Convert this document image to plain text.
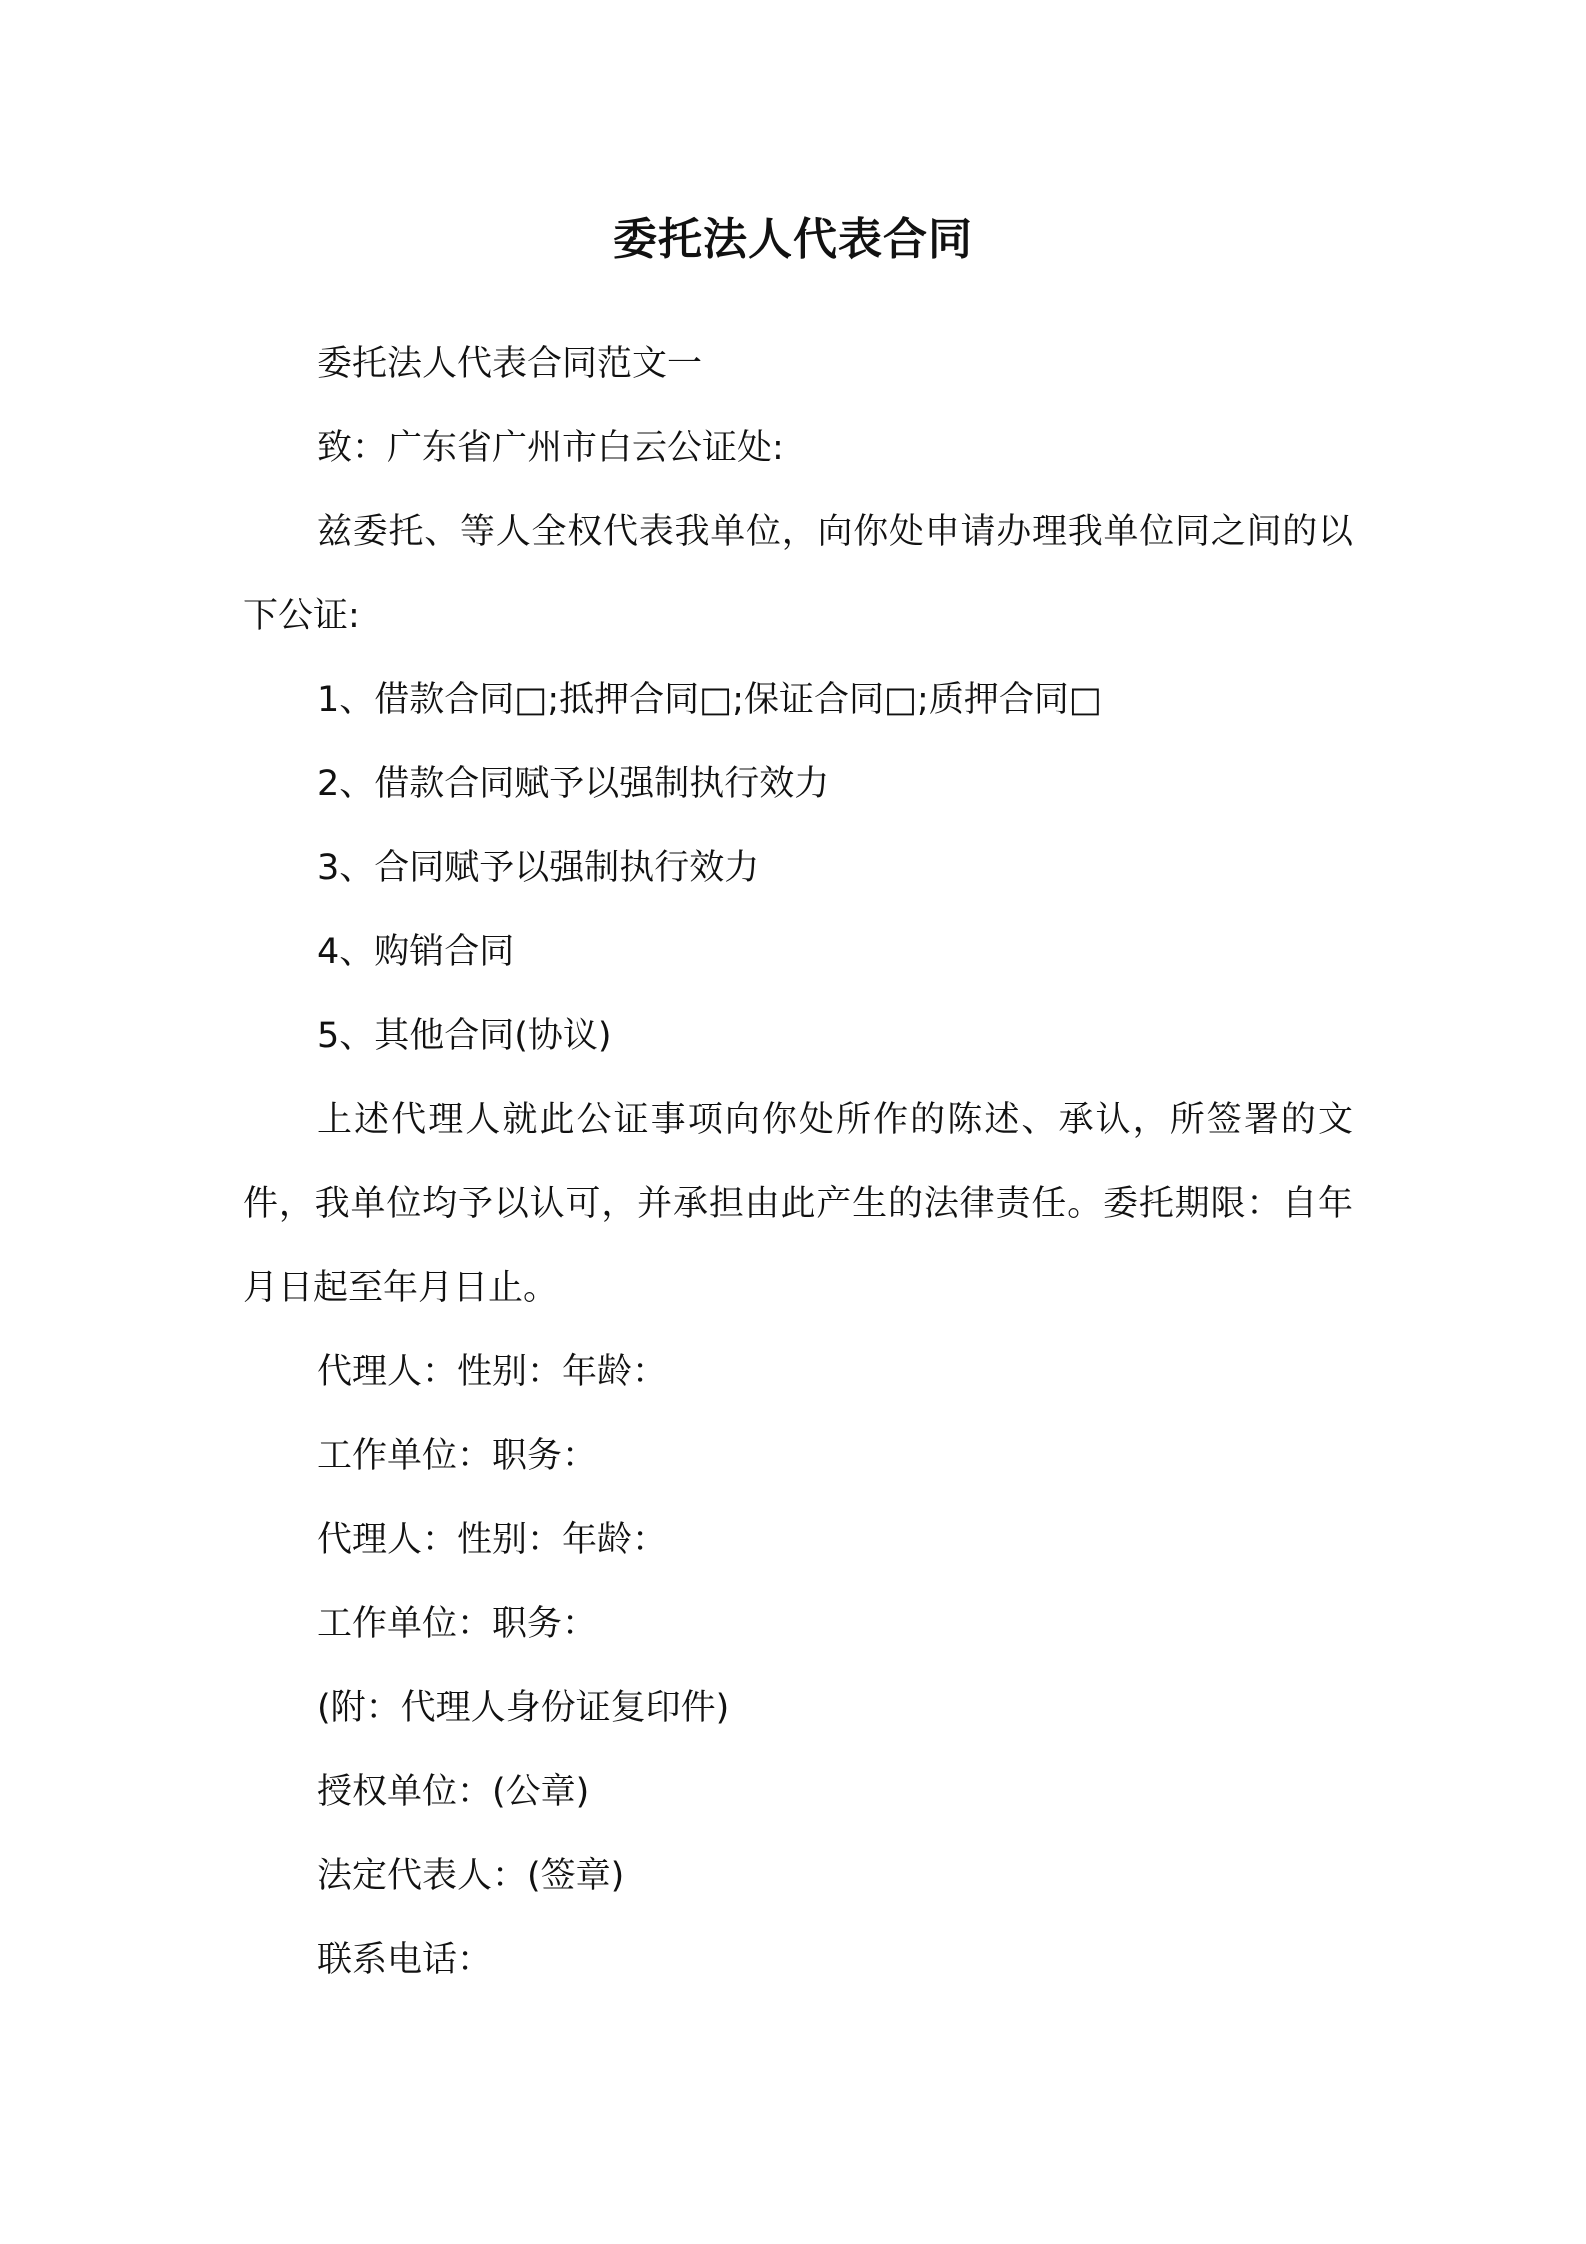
委托法人代表合同

委托法人代表合同范文一

致：广东省广州市白云公证处:

兹委托、等人全权代表我单位，向你处申请办理我单位同之间的以下公证:

1、借款合同□;抵押合同□;保证合同□;质押合同□

2、借款合同赋予以强制执行效力

3、合同赋予以强制执行效力

4、购销合同

5、其他合同(协议)

上述代理人就此公证事项向你处所作的陈述、承认，所签署的文件，我单位均予以认可，并承担由此产生的法律责任。委托期限：自年月日起至年月日止。

代理人：性别：年龄：

工作单位：职务：

代理人：性别：年龄：

工作单位：职务：

(附：代理人身份证复印件)

授权单位：(公章)

法定代表人：(签章)

联系电话：
